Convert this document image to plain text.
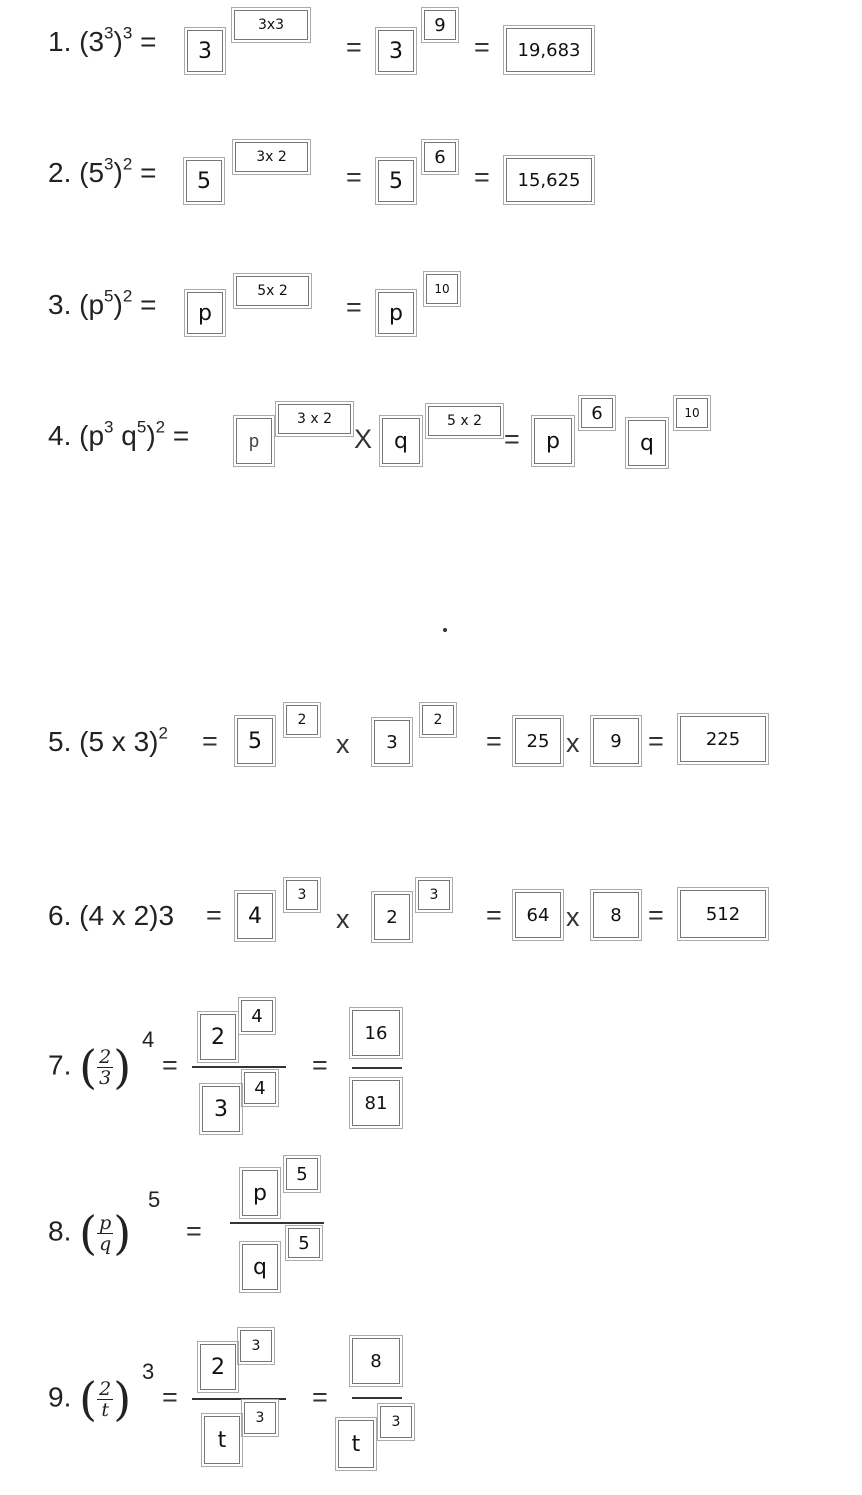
1. $(3^3)^3$ =	3
3x3
=	3
9
=	19,683
2. $(5^3)^2$ =	5
3x 2
=	5
6
=	15,625
3. $(p^5)^2$ =	p
5x 2
=	p
10
4. ($p^3$ $q^5)^2$ =	p
3 x 2
X	q
5 x 2
=	p
6
q
10
5. (5 x 3)$^2$ =	5
2
x	3
2
=	25 x	9 =	225
6. (4 x 2)3 =	4
3
x	2
3
=	64 x	8 =	512
7. ( $\frac{2}{3}$ )
4
=
2
4
3
4
=
16
81
8. ( $\frac{p}{q}$ )
5
=
p
5
q
5
9. ( $\frac{2}{t}$ )
3
=
2
3
t
3
=
8
t
3
